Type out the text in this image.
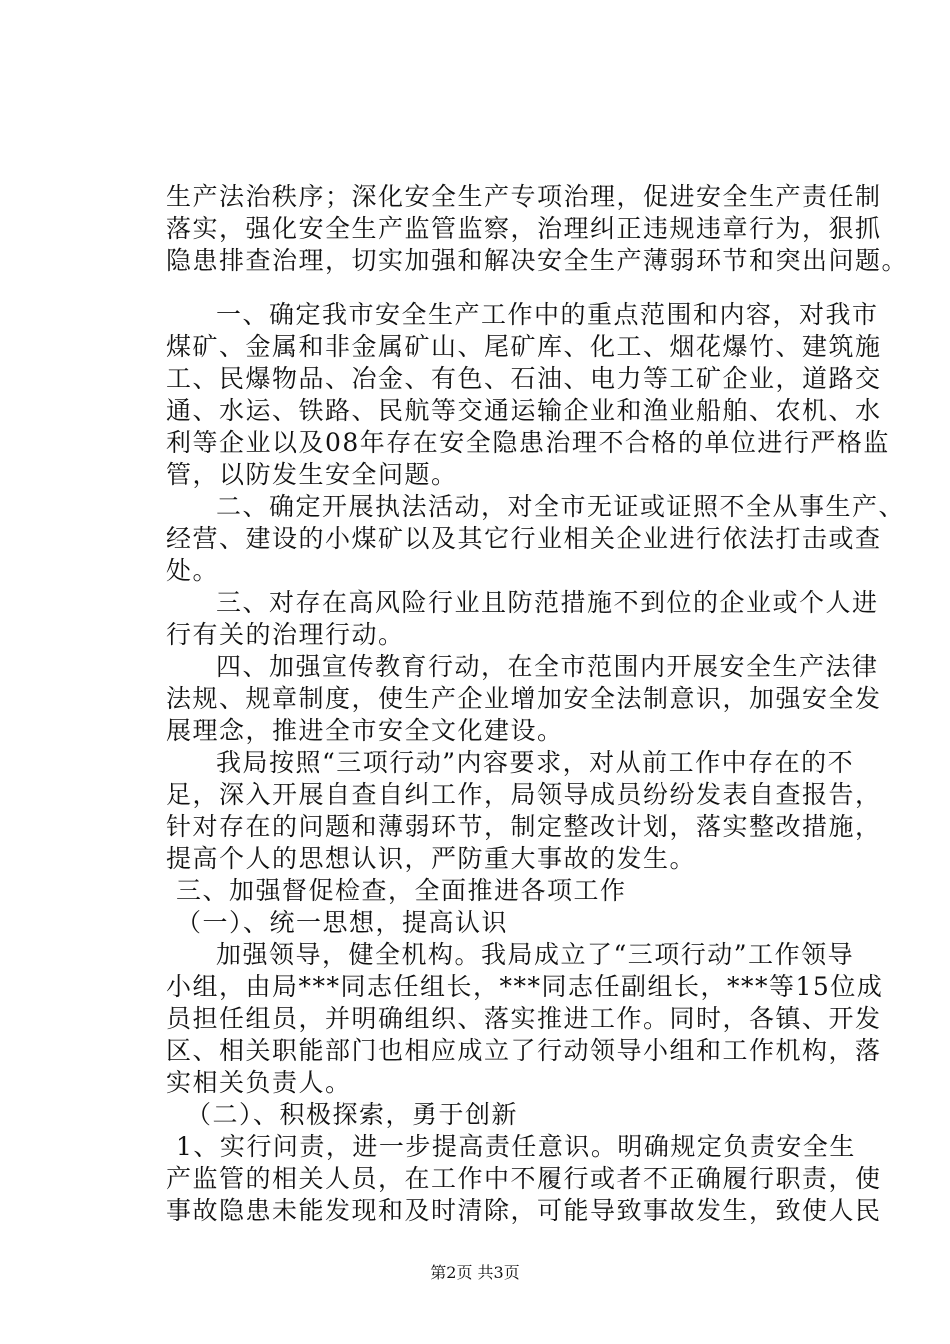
生产法治秩序；深化安全生产专项治理，促进安全生产责任制
落实，强化安全生产监管监察，治理纠正违规违章行为，狠抓
隐患排查治理，切实加强和解决安全生产薄弱环节和突出问题。
一、确定我市安全生产工作中的重点范围和内容，对我市
煤矿、金属和非金属矿山、尾矿库、化工、烟花爆竹、建筑施
工、民爆物品、冶金、有色、石油、电力等工矿企业，道路交
通、水运、铁路、民航等交通运输企业和渔业船舶、农机、水
利等企业以及08年存在安全隐患治理不合格的单位进行严格监
管，以防发生安全问题。
二、确定开展执法活动，对全市无证或证照不全从事生产、
经营、建设的小煤矿以及其它行业相关企业进行依法打击或查
处。
三、对存在高风险行业且防范措施不到位的企业或个人进
行有关的治理行动。
四、加强宣传教育行动，在全市范围内开展安全生产法律
法规、规章制度，使生产企业增加安全法制意识，加强安全发
展理念，推进全市安全文化建设。
我局按照“三项行动”内容要求，对从前工作中存在的不
足，深入开展自查自纠工作，局领导成员纷纷发表自查报告，
针对存在的问题和薄弱环节，制定整改计划，落实整改措施，
提高个人的思想认识，严防重大事故的发生。
三、加强督促检查，全面推进各项工作
（一）、统一思想，提高认识
加强领导，健全机构。我局成立了“三项行动”工作领导
小组，由局***同志任组长，***同志任副组长，***等15位成
员担任组员，并明确组织、落实推进工作。同时，各镇、开发
区、相关职能部门也相应成立了行动领导小组和工作机构，落
实相关负责人。
（二）、积极探索，勇于创新
1、实行问责，进一步提高责任意识。明确规定负责安全生
产监管的相关人员，在工作中不履行或者不正确履行职责，使
事故隐患未能发现和及时清除，可能导致事故发生，致使人民
第2页 共3页
